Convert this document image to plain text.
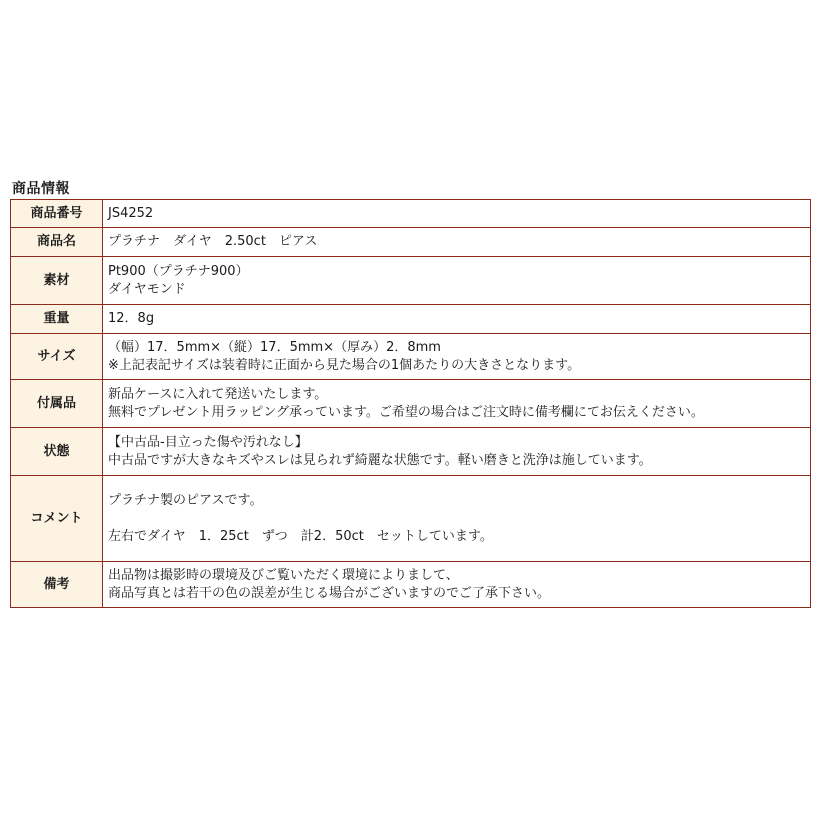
商品情報
商品番号	JS4252

商品名	プラチナ　ダイヤ　2.50ct　ピアス

素材	Pt900（プラチナ900）
ダイヤモンド

重量	12．8g

サイズ	（幅）17．5mm×（縦）17．5mm×（厚み）2．8mm
※上記表記サイズは装着時に正面から見た場合の1個あたりの大きさとなります。

付属品	新品ケースに入れて発送いたします。
無料でプレゼント用ラッピング承っています。ご希望の場合はご注文時に備考欄にてお伝えください。

状態	【中古品-目立った傷や汚れなし】
中古品ですが大きなキズやスレは見られず綺麗な状態です。軽い磨きと洗浄は施しています。

コメント	プラチナ製のピアスです。
左右でダイヤ　1．25ct　ずつ　計2．50ct　セットしています。

備考	出品物は撮影時の環境及びご覧いただく環境によりまして、
商品写真とは若干の色の誤差が生じる場合がございますのでご了承下さい。
